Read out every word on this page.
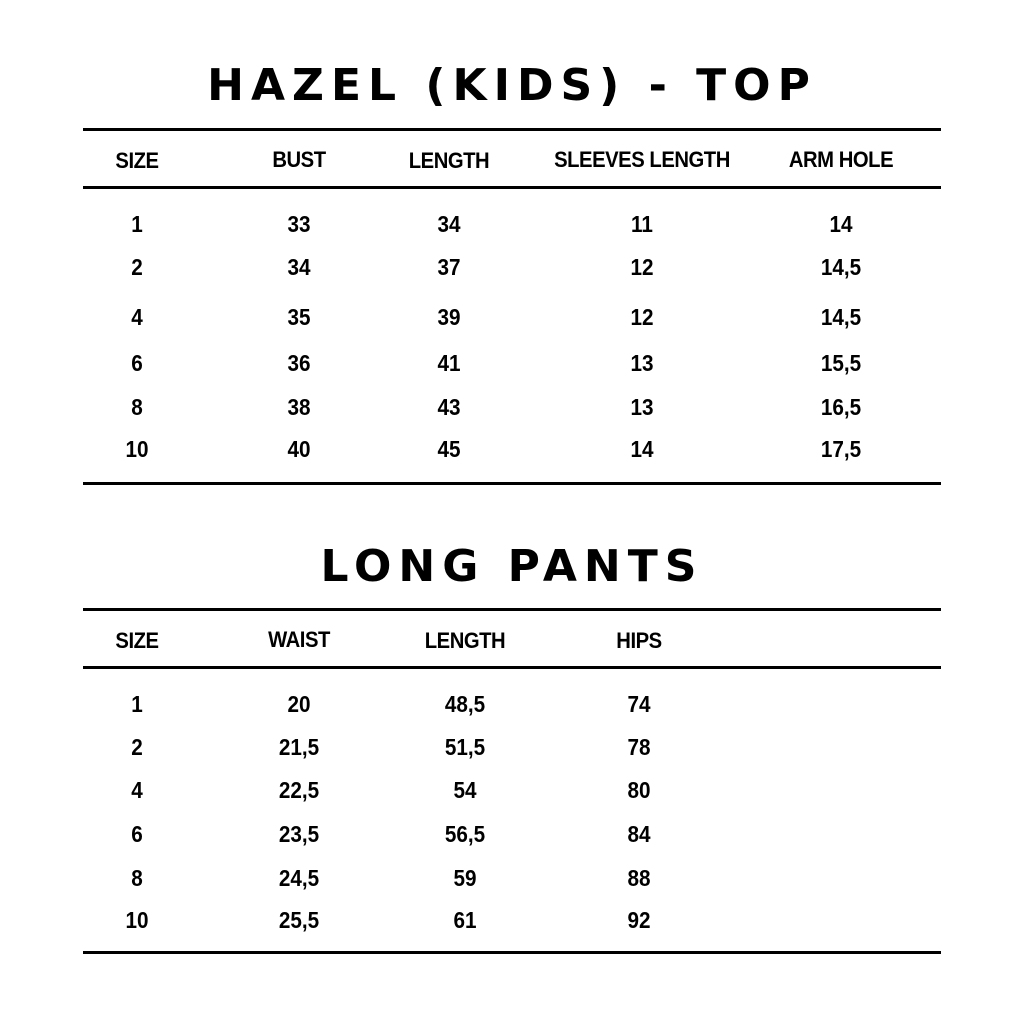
HAZEL (KIDS) - TOP
SIZE	BUST	LENGTH	SLEEVES LENGTH	ARM HOLE
1	33	34	11	14
2	34	37	12	14,5
4	35	39	12	14,5
6	36	41	13	15,5
8	38	43	13	16,5
10	40	45	14	17,5
LONG PANTS
SIZE	WAIST	LENGTH	HIPS
1	20	48,5	74
2	21,5	51,5	78
4	22,5	54	80
6	23,5	56,5	84
8	24,5	59	88
10	25,5	61	92
